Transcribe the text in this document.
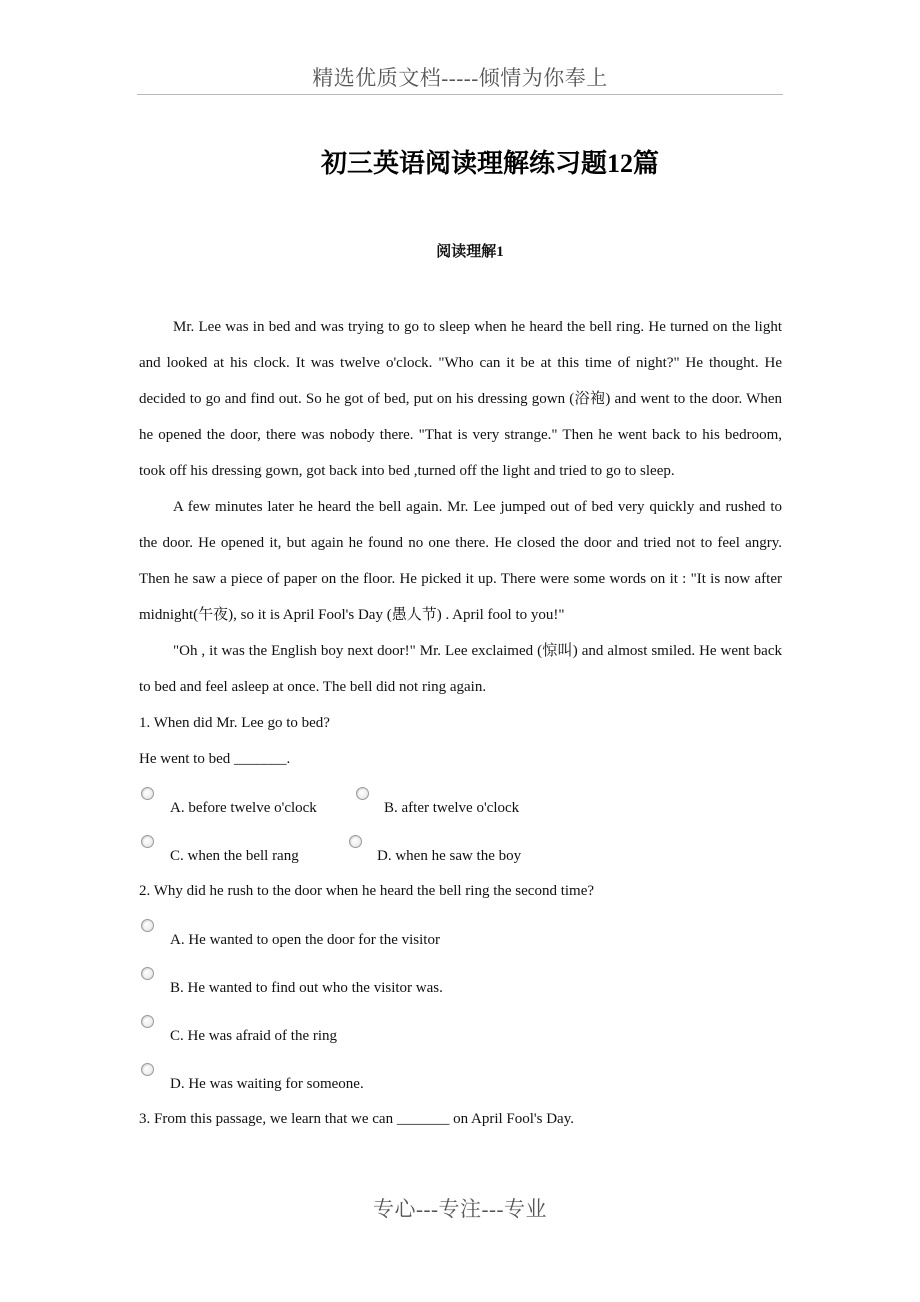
精选优质文档-----倾情为你奉上
初三英语阅读理解练习题12篇
阅读理解1

Mr. Lee was in bed and was trying to go to sleep when he heard the bell ring. He turned on the light and looked at his clock. It was twelve o'clock. "Who can it be at this time of night?" He thought. He decided to go and find out. So he got of bed, put on his dressing gown (浴袍) and went to the door. When he opened the door, there was nobody there. "That is very strange." Then he went back to his bedroom, took off his dressing gown, got back into bed ,turned off the light and tried to go to sleep.

A few minutes later he heard the bell again. Mr. Lee jumped out of bed very quickly and rushed to the door. He opened it, but again he found no one there. He closed the door and tried not to feel angry. Then he saw a piece of paper on the floor. He picked it up. There were some words on it : "It is now after midnight(午夜), so it is April Fool's Day (愚人节) . April fool to you!"

"Oh , it was the English boy next door!" Mr. Lee exclaimed (惊叫) and almost smiled. He went back to bed and feel asleep at once. The bell did not ring again.

1. When did Mr. Lee go to bed?

He went to bed _______.

A. before twelve o'clock	B. after twelve o'clock
C. when the bell rang	D. when he saw the boy

2. Why did he rush to the door when he heard the bell ring the second time?

A. He wanted to open the door for the visitor
B. He wanted to find out who the visitor was.
C. He was afraid of the ring
D. He was waiting for someone.

3. From this passage, we learn that we can _______ on April Fool's Day.

专心---专注---专业
